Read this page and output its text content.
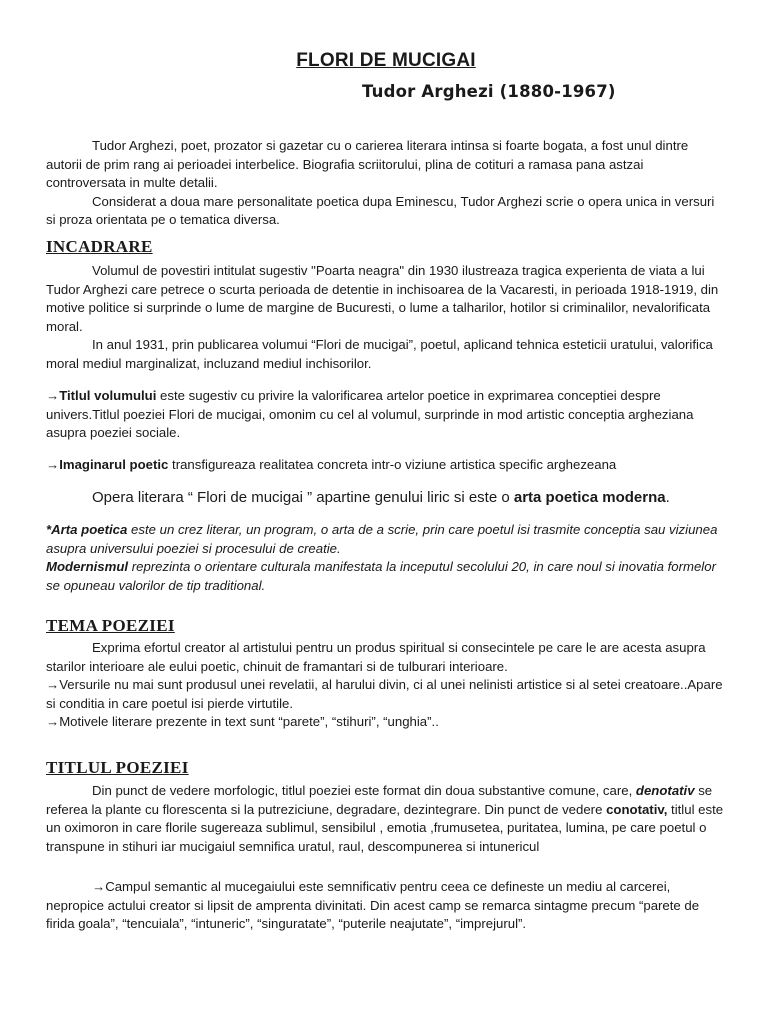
FLORI DE MUCIGAI
Tudor Arghezi (1880-1967)
Tudor Arghezi, poet, prozator si gazetar cu o carierea literara intinsa si foarte bogata, a fost unul dintre autorii de prim rang ai perioadei interbelice. Biografia scriitorului, plina de cotituri a ramasa pana astzai controversata in multe detalii.
Considerat a doua mare personalitate poetica dupa Eminescu, Tudor Arghezi scrie o opera unica in versuri si proza orientata pe o tematica diversa.
INCADRARE
Volumul de povestiri intitulat sugestiv "Poarta neagra" din 1930 ilustreaza tragica experienta de viata a lui Tudor Arghezi care petrece o scurta perioada de detentie in inchisoarea de la Vacaresti, in perioada 1918-1919, din motive politice si surprinde o lume de margine de Bucuresti, o lume a talharilor, hotilor si criminalilor, nevalorificata moral.
In anul 1931, prin publicarea volumui “Flori de mucigai”, poetul, aplicand tehnica esteticii uratului, valorifica moral mediul marginalizat, incluzand mediul inchisorilor.
→Titlul volumului este sugestiv cu privire la valorificarea artelor poetice in exprimarea conceptiei despre univers.Titlul poeziei Flori de mucigai, omonim cu cel al volumul, surprinde in mod artistic conceptia argheziana asupra poeziei sociale.
→Imaginarul poetic transfigureaza realitatea concreta intr-o viziune artistica specific arghezeana
Opera literara “ Flori de mucigai ” apartine genului liric si este o arta poetica moderna.
*Arta poetica este un crez literar, un program, o arta de a scrie, prin care poetul isi trasmite conceptia sau viziunea asupra universului poeziei si procesului de creatie.
Modernismul reprezinta o orientare culturala manifestata la inceputul secolului 20, in care noul si inovatia formelor se opuneau valorilor de tip traditional.
TEMA POEZIEI
Exprima efortul creator al artistului pentru un produs spiritual si consecintele pe care le are acesta asupra starilor interioare ale eului poetic, chinuit de framantari si de tulburari interioare.
→Versurile nu mai sunt produsul unei revelatii, al harului divin, ci al unei nelinisti artistice si al setei creatoare..Apare si conditia in care poetul isi pierde virtutile.
→Motivele literare prezente in text sunt “parete”, “stihuri”, “unghia”..
TITLUL POEZIEI
Din punct de vedere morfologic, titlul poeziei este format din doua substantive comune, care, denotativ se referea la plante cu florescenta si la putreziciune, degradare, dezintegrare. Din punct de vedere conotativ, titlul este un oximoron in care florile sugereaza sublimul, sensibilul , emotia ,frumusetea, puritatea, lumina, pe care poetul o transpune in stihuri iar mucigaiul semnifica uratul, raul, descompunerea si intunericul
→Campul semantic al mucegaiului este semnificativ pentru ceea ce defineste un mediu al carcerei, nepropice actului creator si lipsit de amprenta divinitati. Din acest camp se remarca sintagme precum “parete de firida goala”, “tencuiala”, “intuneric”, “singuratate”, “puterile neajutate”, “imprejurul”.
